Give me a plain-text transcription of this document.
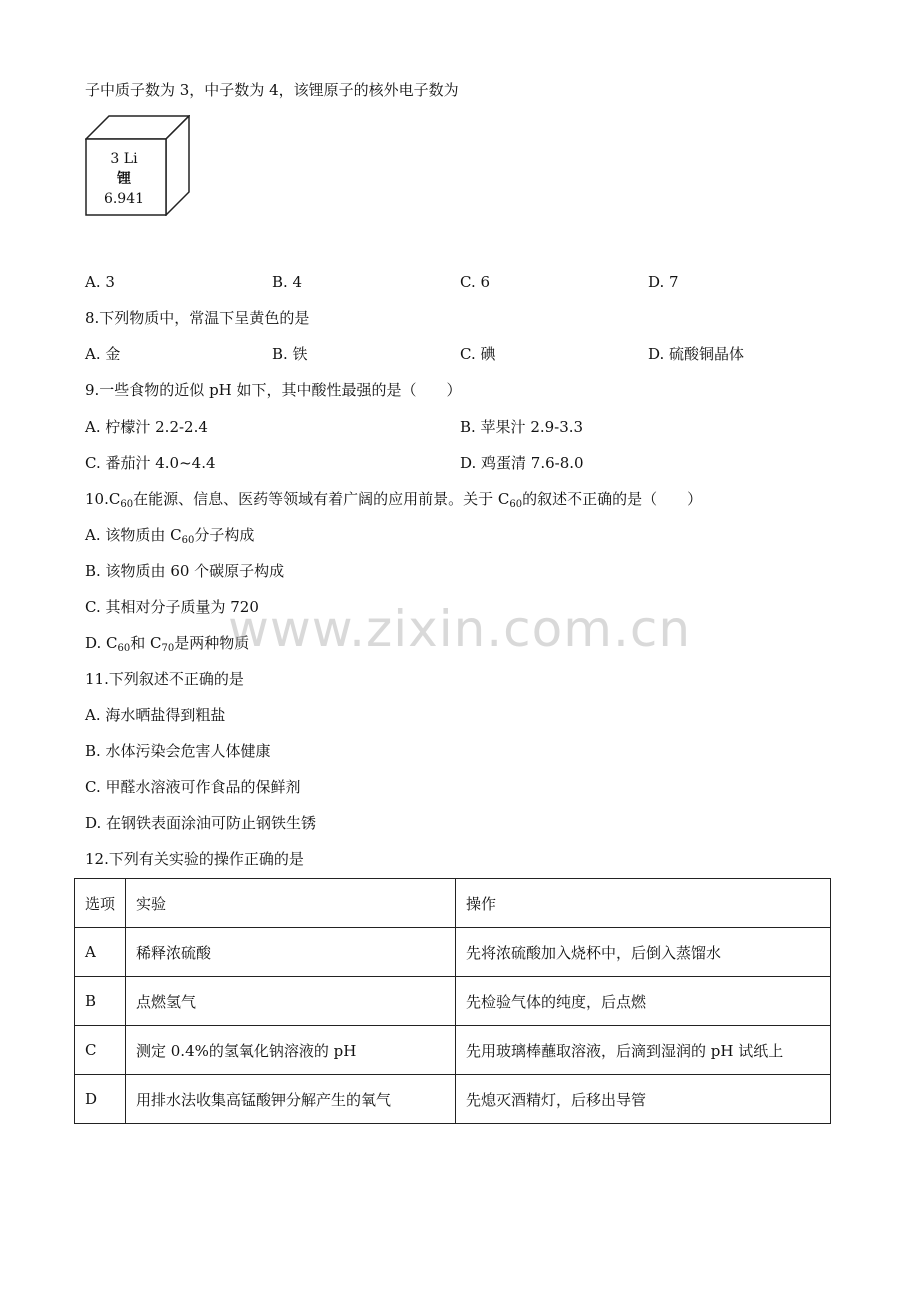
子中质子数为 3，中子数为 4，该锂原子的核外电子数为
3 Li
锂
6.941
A. 3	B. 4	C. 6	D. 7
8.下列物质中，常温下呈黄色的是
A. 金	B. 铁	C. 碘	D. 硫酸铜晶体
9.一些食物的近似 pH 如下，其中酸性最强的是（　　）
A. 柠檬汁 2.2-2.4	B. 苹果汁 2.9-3.3
C. 番茄汁 4.0~4.4	D. 鸡蛋清 7.6-8.0
$10.C_{60}$在能源、信息、医药等领域有着广阔的应用前景。关于 $C_{60}$的叙述不正确的是（　　）
A. 该物质由 $C_{60}$分子构成
B. 该物质由 60 个碳原子构成
C. 其相对分子质量为 720
D. $C_{60}$和 $C_{70}$是两种物质
11.下列叙述不正确的是
A. 海水晒盐得到粗盐
B. 水体污染会危害人体健康
C. 甲醛水溶液可作食品的保鲜剂
D. 在钢铁表面涂油可防止钢铁生锈
12.下列有关实验的操作正确的是
选项	实验	操作
A	稀释浓硫酸	先将浓硫酸加入烧杯中，后倒入蒸馏水
B	点燃氢气	先检验气体的纯度，后点燃
C	测定 0.4%的氢氧化钠溶液的 pH	先用玻璃棒蘸取溶液，后滴到湿润的 pH 试纸上
D	用排水法收集高锰酸钾分解产生的氧气	先熄灭酒精灯，后移出导管
www.zixin.com.cn
